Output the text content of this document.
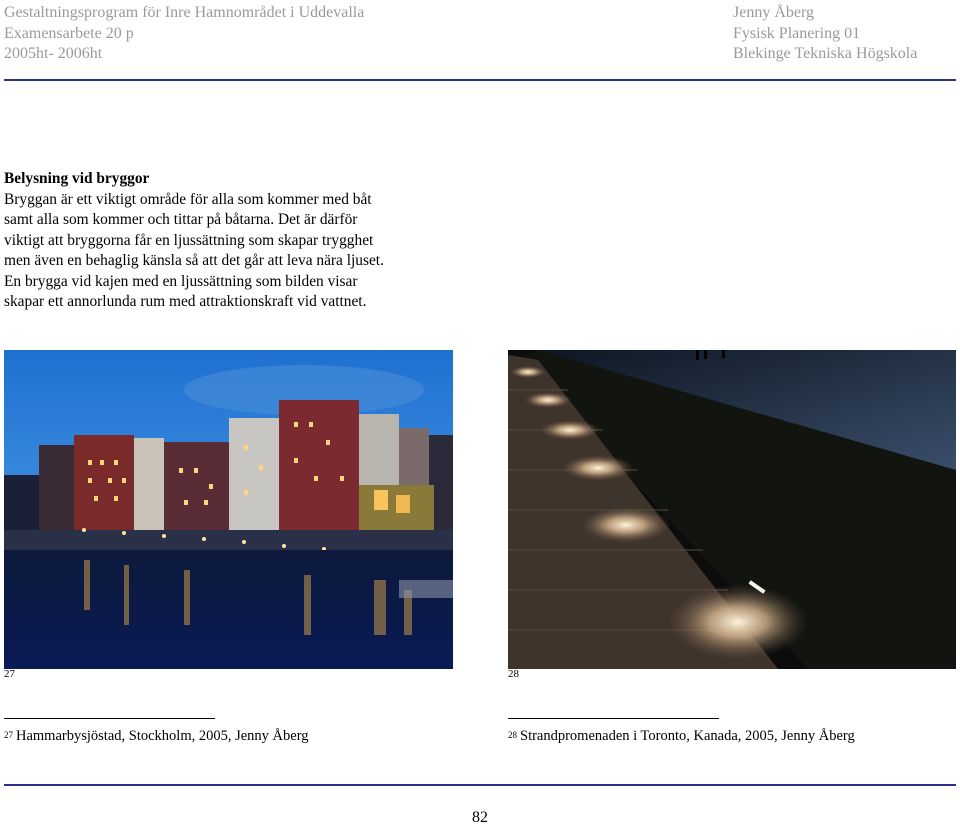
Gestaltningsprogram för Inre Hamnområdet i Uddevalla
Examensarbete 20 p
2005ht- 2006ht
Jenny Åberg
Fysisk Planering 01
Blekinge Tekniska Högskola
Belysning vid bryggor
Bryggan är ett viktigt område för alla som kommer med båt
samt alla som kommer och tittar på båtarna. Det är därför
viktigt att bryggorna får en ljussättning som skapar trygghet
men även en behaglig känsla så att det går att leva nära ljuset.
En brygga vid kajen med en ljussättning som bilden visar
skapar ett annorlunda rum med attraktionskraft vid vattnet.
27	28
$^{27}$ Hammarbysjöstad, Stockholm, 2005, Jenny Åberg	$^{28}$ Strandpromenaden i Toronto, Kanada, 2005, Jenny Åberg
82
